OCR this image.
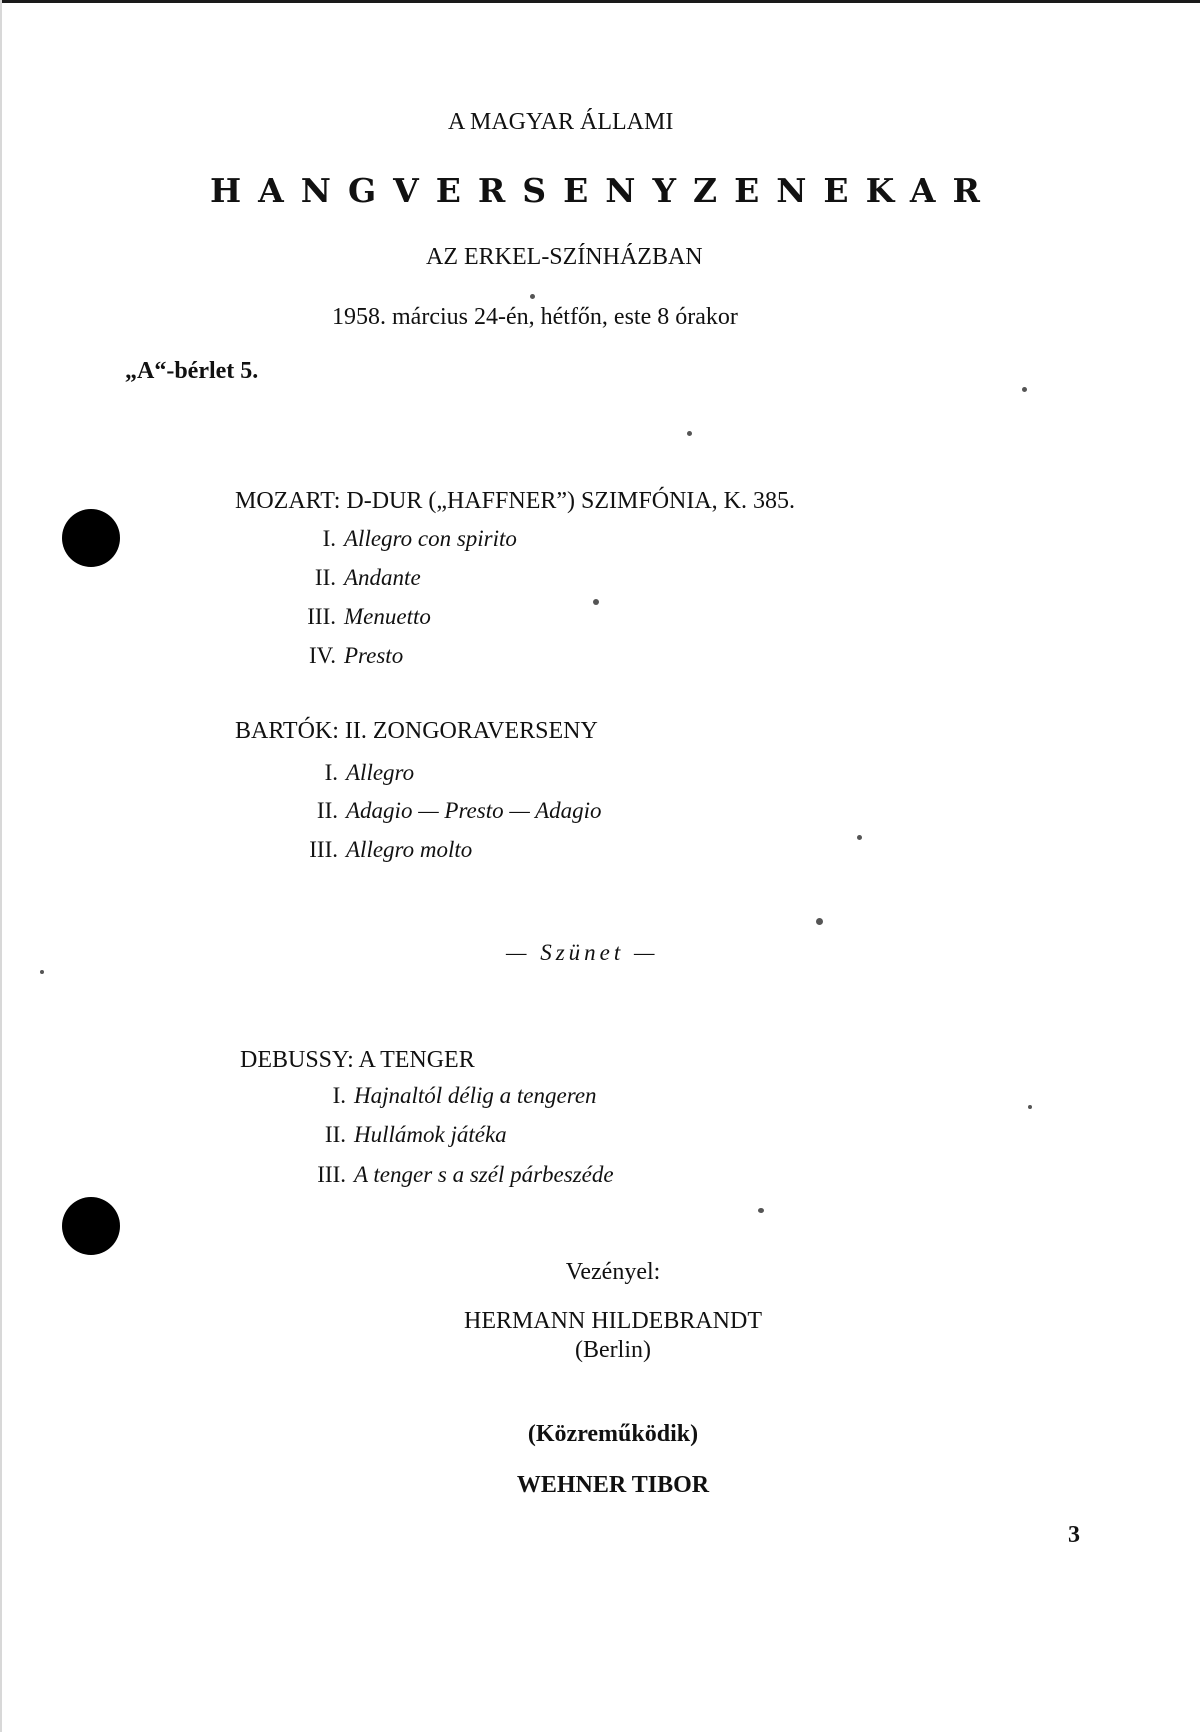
A MAGYAR ÁLLAMI
HANGVERSENYZENEKAR
AZ ERKEL-SZÍNHÁZBAN
1958. március 24-én, hétfőn, este 8 órakor
„A“-bérlet 5.
MOZART: D-DUR („HAFFNER”) SZIMFÓNIA, K. 385.
I. Allegro con spirito
II. Andante
III. Menuetto
IV. Presto
BARTÓK: II. ZONGORAVERSENY
I. Allegro
II. Adagio — Presto — Adagio
III. Allegro molto
— Szünet —
DEBUSSY: A TENGER
I. Hajnaltól délig a tengeren
II. Hullámok játéka
III. A tenger s a szél párbeszéde
Vezényel:
HERMANN HILDEBRANDT
(Berlin)
(Közreműködik)
WEHNER TIBOR
3
